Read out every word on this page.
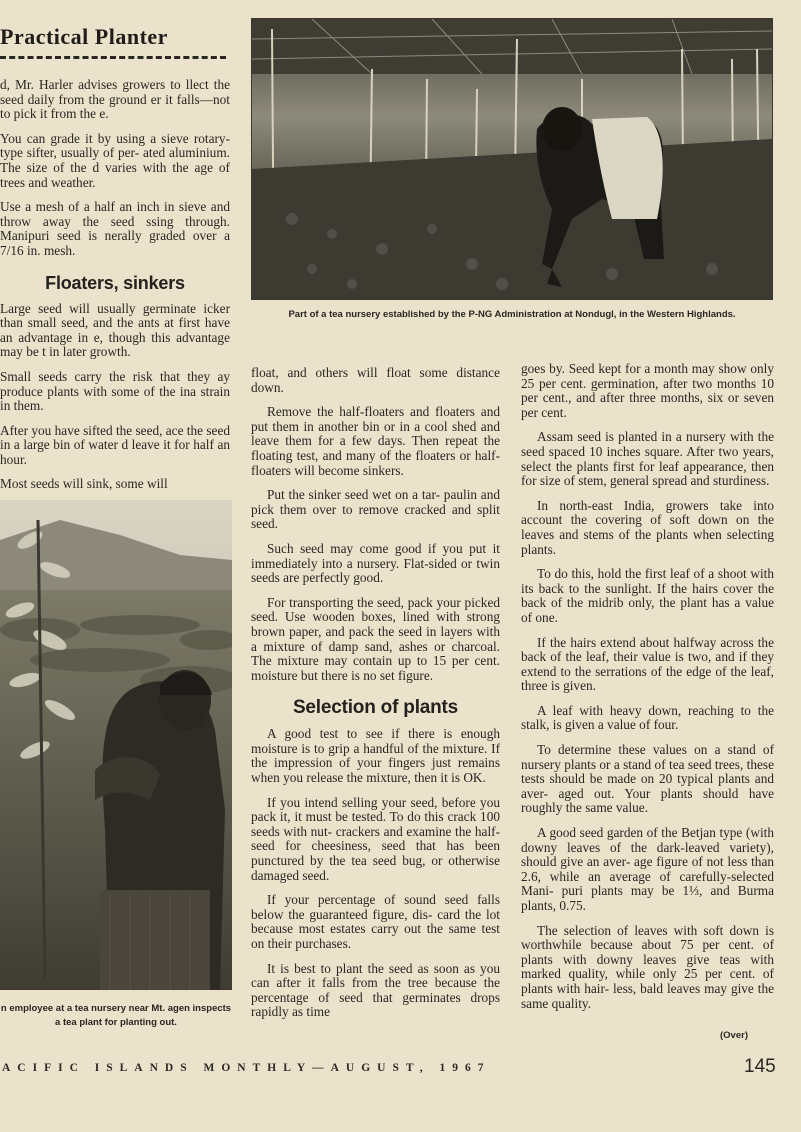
Practical Planter

d, Mr. Harler advises growers to llect the seed daily from the ground er it falls—not to pick it from the e.

You can grade it by using a sieve rotary-type sifter, usually of per- ated aluminium. The size of the d varies with the age of trees and weather.

Use a mesh of a half an inch in sieve and throw away the seed ssing through. Manipuri seed is nerally graded over a 7/16 in. mesh.

Floaters, sinkers

Large seed will usually germinate icker than small seed, and the ants at first have an advantage in e, though this advantage may be t in later growth.

Small seeds carry the risk that they ay produce plants with some of the ina strain in them.

After you have sifted the seed, ace the seed in a large bin of water d leave it for half an hour.

Most seeds will sink, some will

n employee at a tea nursery near Mt. agen inspects a tea plant for planting out.
Part of a tea nursery established by the P-NG Administration at Nondugl, in the Western Highlands.

float, and others will float some distance down.

Remove the half-floaters and floaters and put them in another bin or in a cool shed and leave them for a few days. Then repeat the floating test, and many of the floaters or half-floaters will become sinkers.

Put the sinker seed wet on a tar- paulin and pick them over to remove cracked and split seed.

Such seed may come good if you put it immediately into a nursery. Flat-sided or twin seeds are perfectly good.

For transporting the seed, pack your picked seed. Use wooden boxes, lined with strong brown paper, and pack the seed in layers with a mixture of damp sand, ashes or charcoal. The mixture may contain up to 15 per cent. moisture but there is no set figure.

Selection of plants

A good test to see if there is enough moisture is to grip a handful of the mixture. If the impression of your fingers just remains when you release the mixture, then it is OK.

If you intend selling your seed, before you pack it, it must be tested. To do this crack 100 seeds with nut- crackers and examine the half-seed for cheesiness, seed that has been punctured by the tea seed bug, or otherwise damaged seed.

If your percentage of sound seed falls below the guaranteed figure, dis- card the lot because most estates carry out the same test on their purchases.

It is best to plant the seed as soon as you can after it falls from the tree because the percentage of seed that germinates drops rapidly as time

goes by. Seed kept for a month may show only 25 per cent. germination, after two months 10 per cent., and after three months, six or seven per cent.

Assam seed is planted in a nursery with the seed spaced 10 inches square. After two years, select the plants first for leaf appearance, then for size of stem, general spread and sturdiness.

In north-east India, growers take into account the covering of soft down on the leaves and stems of the plants when selecting plants.

To do this, hold the first leaf of a shoot with its back to the sunlight. If the hairs cover the back of the midrib only, the plant has a value of one.

If the hairs extend about halfway across the back of the leaf, their value is two, and if they extend to the serrations of the edge of the leaf, three is given.

A leaf with heavy down, reaching to the stalk, is given a value of four.

To determine these values on a stand of nursery plants or a stand of tea seed trees, these tests should be made on 20 typical plants and aver- aged out. Your plants should have roughly the same value.

A good seed garden of the Betjan type (with downy leaves of the dark-leaved variety), should give an aver- age figure of not less than 2.6, while an average of carefully-selected Mani- puri plants may be 1⅓, and Burma plants, 0.75.

The selection of leaves with soft down is worthwhile because about 75 per cent. of plants with downy leaves give teas with marked quality, while only 25 per cent. of plants with hair- less, bald leaves may give the same quality.

(Over)
ACIFIC ISLANDS MONTHLY—AUGUST, 1967	145
